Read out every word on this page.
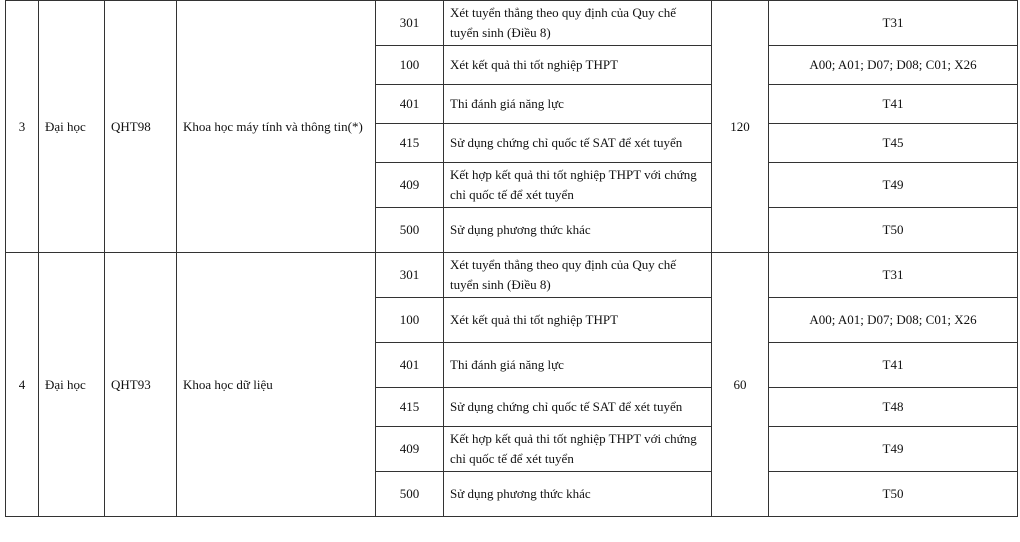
3	Đại học	QHT98	Khoa học máy tính và thông tin(*)	301	Xét tuyển thẳng theo quy định của Quy chế tuyển sinh (Điều 8)	120	T31
				100	Xét kết quả thi tốt nghiệp THPT		A00; A01; D07; D08; C01; X26
				401	Thi đánh giá năng lực		T41
				415	Sử dụng chứng chỉ quốc tế SAT để xét tuyển		T45
				409	Kết hợp kết quả thi tốt nghiệp THPT với chứng chỉ quốc tế để xét tuyển		T49
				500	Sử dụng phương thức khác		T50
4	Đại học	QHT93	Khoa học dữ liệu	301	Xét tuyển thẳng theo quy định của Quy chế tuyển sinh (Điều 8)	60	T31
				100	Xét kết quả thi tốt nghiệp THPT		A00; A01; D07; D08; C01; X26
				401	Thi đánh giá năng lực		T41
				415	Sử dụng chứng chỉ quốc tế SAT để xét tuyển		T48
				409	Kết hợp kết quả thi tốt nghiệp THPT với chứng chỉ quốc tế để xét tuyển		T49
				500	Sử dụng phương thức khác		T50
